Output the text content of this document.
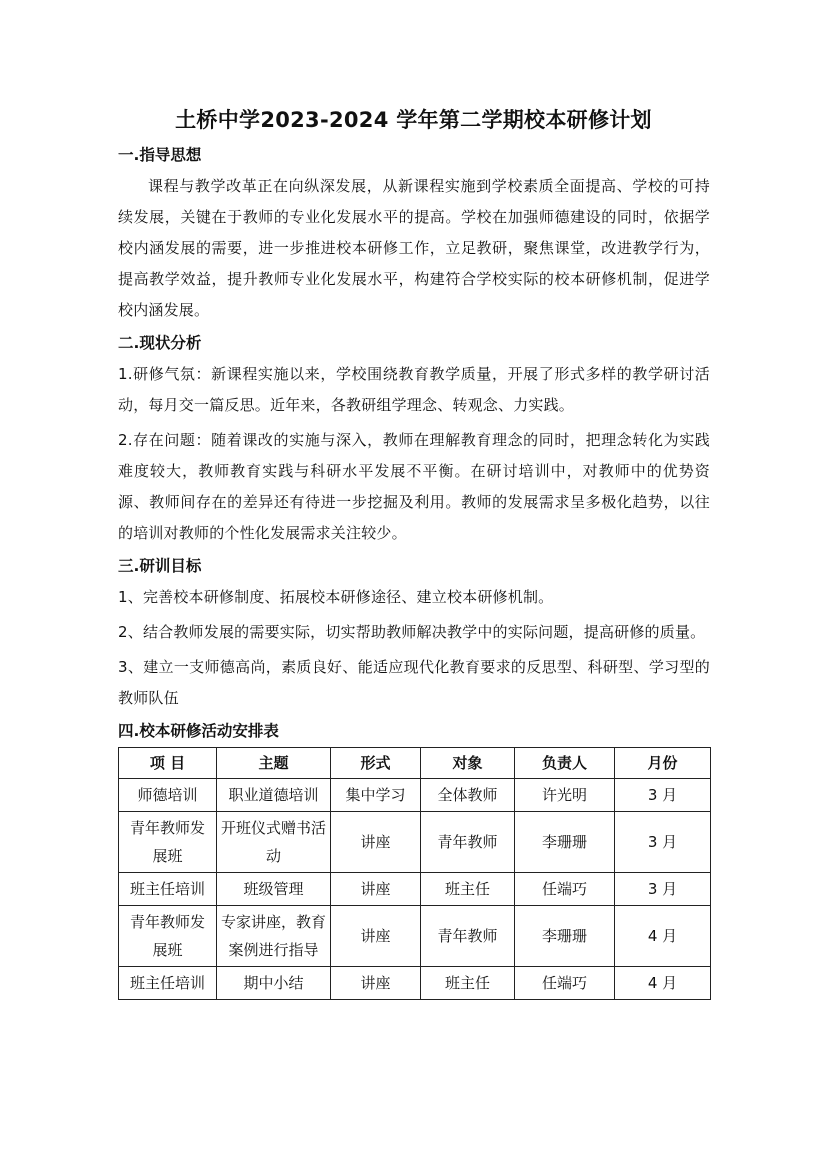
土桥中学2023-2024 学年第二学期校本研修计划
一.指导思想
课程与教学改革正在向纵深发展，从新课程实施到学校素质全面提高、学校的可持续发展，关键在于教师的专业化发展水平的提高。学校在加强师德建设的同时，依据学校内涵发展的需要，进一步推进校本研修工作，立足教研，聚焦课堂，改进教学行为，提高教学效益，提升教师专业化发展水平，构建符合学校实际的校本研修机制，促进学校内涵发展。
二.现状分析
1.研修气氛：新课程实施以来，学校围绕教育教学质量，开展了形式多样的教学研讨活动，每月交一篇反思。近年来，各教研组学理念、转观念、力实践。
2.存在问题：随着课改的实施与深入，教师在理解教育理念的同时，把理念转化为实践难度较大，教师教育实践与科研水平发展不平衡。在研讨培训中，对教师中的优势资源、教师间存在的差异还有待进一步挖掘及利用。教师的发展需求呈多极化趋势，以往的培训对教师的个性化发展需求关注较少。
三.研训目标
1、完善校本研修制度、拓展校本研修途径、建立校本研修机制。
2、结合教师发展的需要实际，切实帮助教师解决教学中的实际问题，提高研修的质量。
3、建立一支师德高尚，素质良好、能适应现代化教育要求的反思型、科研型、学习型的教师队伍
四.校本研修活动安排表
项 目	主题	形式	对象	负责人	月份
师德培训	职业道德培训	集中学习	全体教师	许光明	3 月
青年教师发展班	开班仪式赠书活动	讲座	青年教师	李珊珊	3 月
班主任培训	班级管理	讲座	班主任	任端巧	3 月
青年教师发展班	专家讲座，教育案例进行指导	讲座	青年教师	李珊珊	4 月
班主任培训	期中小结	讲座	班主任	任端巧	4 月
